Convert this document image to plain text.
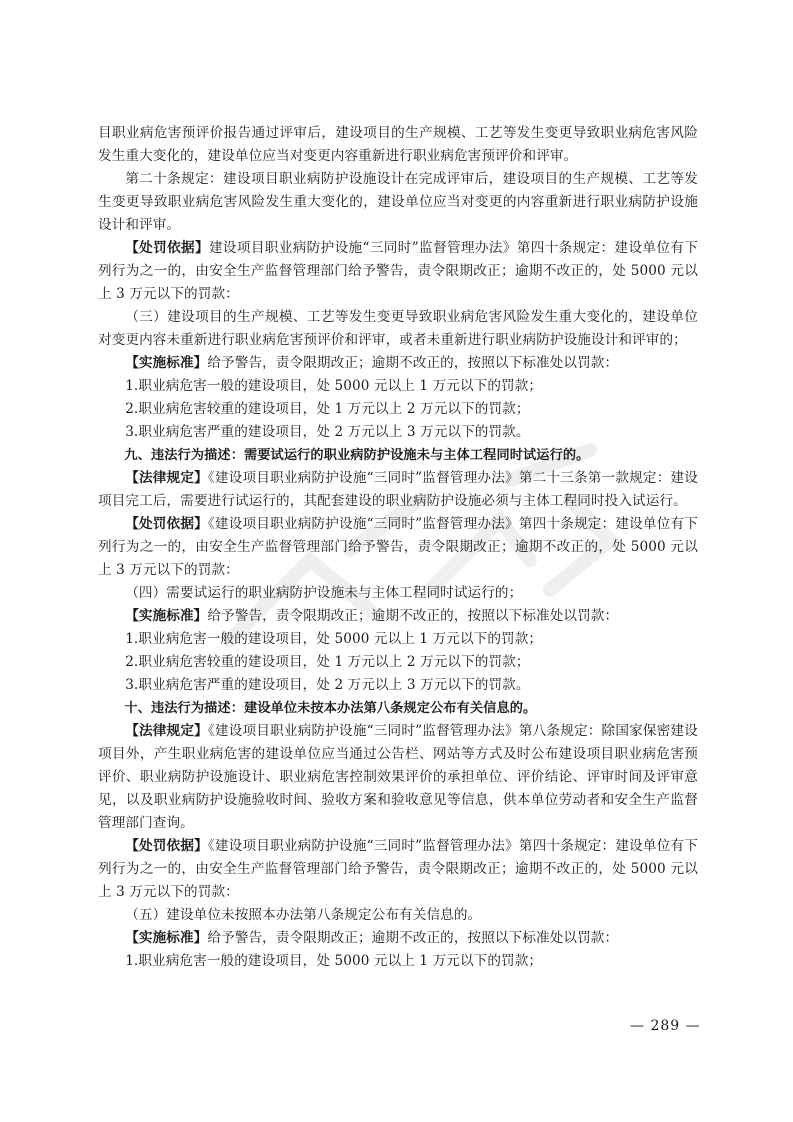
目职业病危害预评价报告通过评审后，建设项目的生产规模、工艺等发生变更导致职业病危害风险发生重大变化的，建设单位应当对变更内容重新进行职业病危害预评价和评审。

第二十条规定：建设项目职业病防护设施设计在完成评审后，建设项目的生产规模、工艺等发生变更导致职业病危害风险发生重大变化的，建设单位应当对变更的内容重新进行职业病防护设施设计和评审。

【处罚依据】建设项目职业病防护设施“三同时”监督管理办法》第四十条规定：建设单位有下列行为之一的，由安全生产监督管理部门给予警告，责令限期改正；逾期不改正的，处 5000 元以上 3 万元以下的罚款：

（三）建设项目的生产规模、工艺等发生变更导致职业病危害风险发生重大变化的，建设单位对变更内容未重新进行职业病危害预评价和评审，或者未重新进行职业病防护设施设计和评审的；

【实施标准】给予警告，责令限期改正；逾期不改正的，按照以下标准处以罚款：

1.职业病危害一般的建设项目，处 5000 元以上 1 万元以下的罚款；

2.职业病危害较重的建设项目，处 1 万元以上 2 万元以下的罚款；

3.职业病危害严重的建设项目，处 2 万元以上 3 万元以下的罚款。

九、违法行为描述：需要试运行的职业病防护设施未与主体工程同时试运行的。

【法律规定】《建设项目职业病防护设施“三同时”监督管理办法》第二十三条第一款规定：建设项目完工后，需要进行试运行的，其配套建设的职业病防护设施必须与主体工程同时投入试运行。

【处罚依据】《建设项目职业病防护设施“三同时”监督管理办法》第四十条规定：建设单位有下列行为之一的，由安全生产监督管理部门给予警告，责令限期改正；逾期不改正的，处 5000 元以上 3 万元以下的罚款：

（四）需要试运行的职业病防护设施未与主体工程同时试运行的；

【实施标准】给予警告，责令限期改正；逾期不改正的，按照以下标准处以罚款：

1.职业病危害一般的建设项目，处 5000 元以上 1 万元以下的罚款；

2.职业病危害较重的建设项目，处 1 万元以上 2 万元以下的罚款；

3.职业病危害严重的建设项目，处 2 万元以上 3 万元以下的罚款。

十、违法行为描述：建设单位未按本办法第八条规定公布有关信息的。

【法律规定】《建设项目职业病防护设施“三同时”监督管理办法》第八条规定：除国家保密建设项目外，产生职业病危害的建设单位应当通过公告栏、网站等方式及时公布建设项目职业病危害预评价、职业病防护设施设计、职业病危害控制效果评价的承担单位、评价结论、评审时间及评审意见，以及职业病防护设施验收时间、验收方案和验收意见等信息，供本单位劳动者和安全生产监督管理部门查询。

【处罚依据】《建设项目职业病防护设施“三同时”监督管理办法》第四十条规定：建设单位有下列行为之一的，由安全生产监督管理部门给予警告，责令限期改正；逾期不改正的，处 5000 元以上 3 万元以下的罚款：

（五）建设单位未按照本办法第八条规定公布有关信息的。

【实施标准】给予警告，责令限期改正；逾期不改正的，按照以下标准处以罚款：

1.职业病危害一般的建设项目，处 5000 元以上 1 万元以下的罚款；

— 289 —
